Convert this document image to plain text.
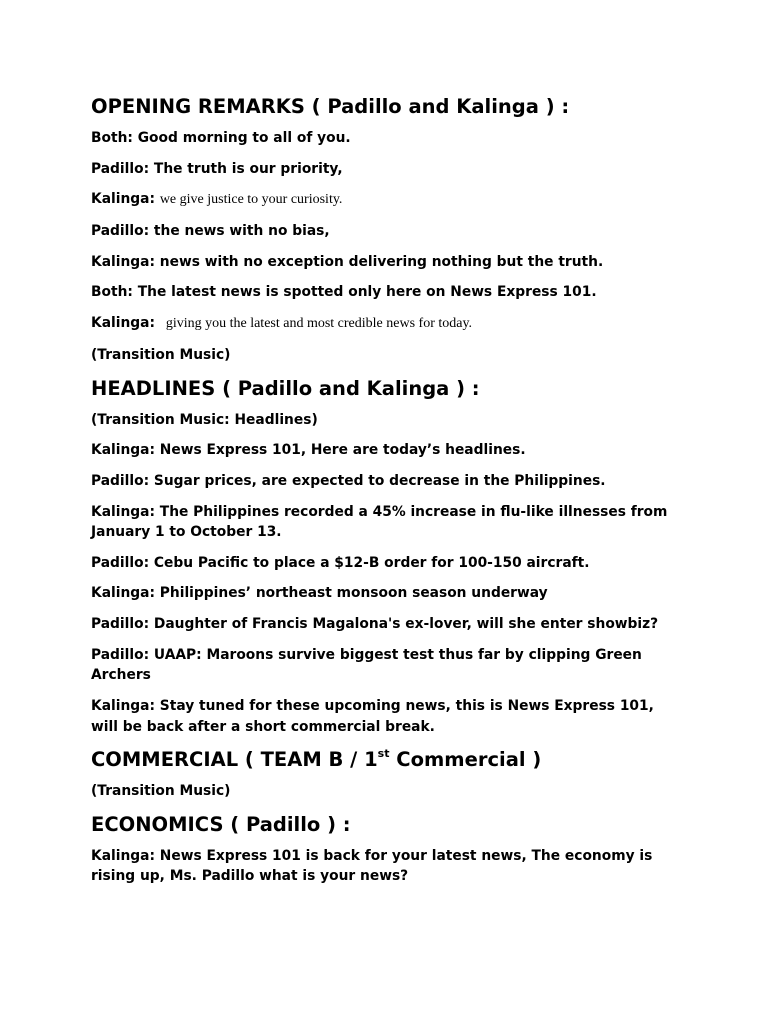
OPENING REMARKS ( Padillo and Kalinga ) :
Both: Good morning to all of you.
Padillo: The truth is our priority,
Kalinga: we give justice to your curiosity.
Padillo: the news with no bias,
Kalinga: news with no exception delivering nothing but the truth.
Both: The latest news is spotted only here on News Express 101.
Kalinga: giving you the latest and most credible news for today.
(Transition Music)
HEADLINES ( Padillo and Kalinga ) :
(Transition Music: Headlines)
Kalinga: News Express 101, Here are today’s headlines.
Padillo: Sugar prices, are expected to decrease in the Philippines.
Kalinga: The Philippines recorded a 45% increase in flu-like illnesses from January 1 to October 13.
Padillo: Cebu Pacific to place a $12-B order for 100-150 aircraft.
Kalinga: Philippines’ northeast monsoon season underway
Padillo: Daughter of Francis Magalona's ex-lover, will she enter showbiz?
Padillo: UAAP: Maroons survive biggest test thus far by clipping Green Archers
Kalinga: Stay tuned for these upcoming news, this is News Express 101, will be back after a short commercial break.
COMMERCIAL ( TEAM B / 1st Commercial )
(Transition Music)
ECONOMICS ( Padillo ) :
Kalinga: News Express 101 is back for your latest news, The economy is rising up, Ms. Padillo what is your news?
